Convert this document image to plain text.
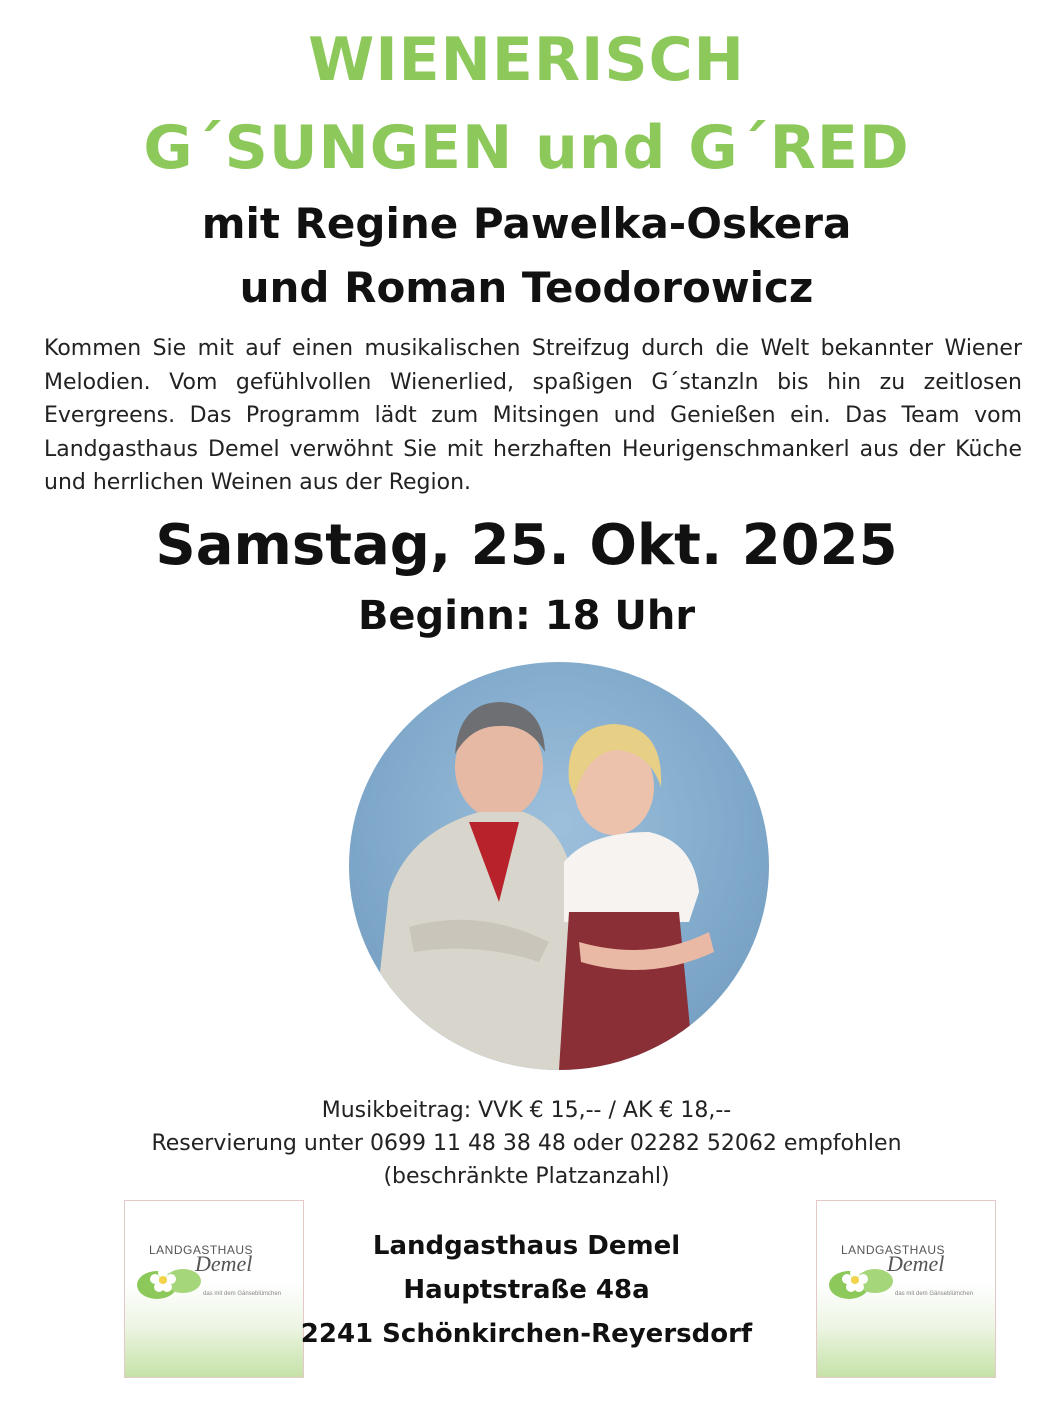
WIENERISCH
G´SUNGEN und G´RED
mit Regine Pawelka-Oskera
und Roman Teodorowicz
Kommen Sie mit auf einen musikalischen Streifzug durch die Welt bekannter Wiener Melodien. Vom gefühlvollen Wienerlied, spaßigen G´stanzln bis hin zu zeitlosen Evergreens. Das Programm lädt zum Mitsingen und Genießen ein. Das Team vom Landgasthaus Demel verwöhnt Sie mit herzhaften Heurigenschmankerl aus der Küche und herrlichen Weinen aus der Region.
Samstag, 25. Okt. 2025
Beginn: 18 Uhr
Musikbeitrag: VVK € 15,-- / AK € 18,--
Reservierung unter 0699 11 48 38 48 oder 02282 52062 empfohlen
(beschränkte Platzanzahl)
LANDGASTHAUS
Demel
das mit dem Gänseblümchen
LANDGASTHAUS
Demel
das mit dem Gänseblümchen
Landgasthaus Demel
Hauptstraße 48a
2241 Schönkirchen-Reyersdorf
